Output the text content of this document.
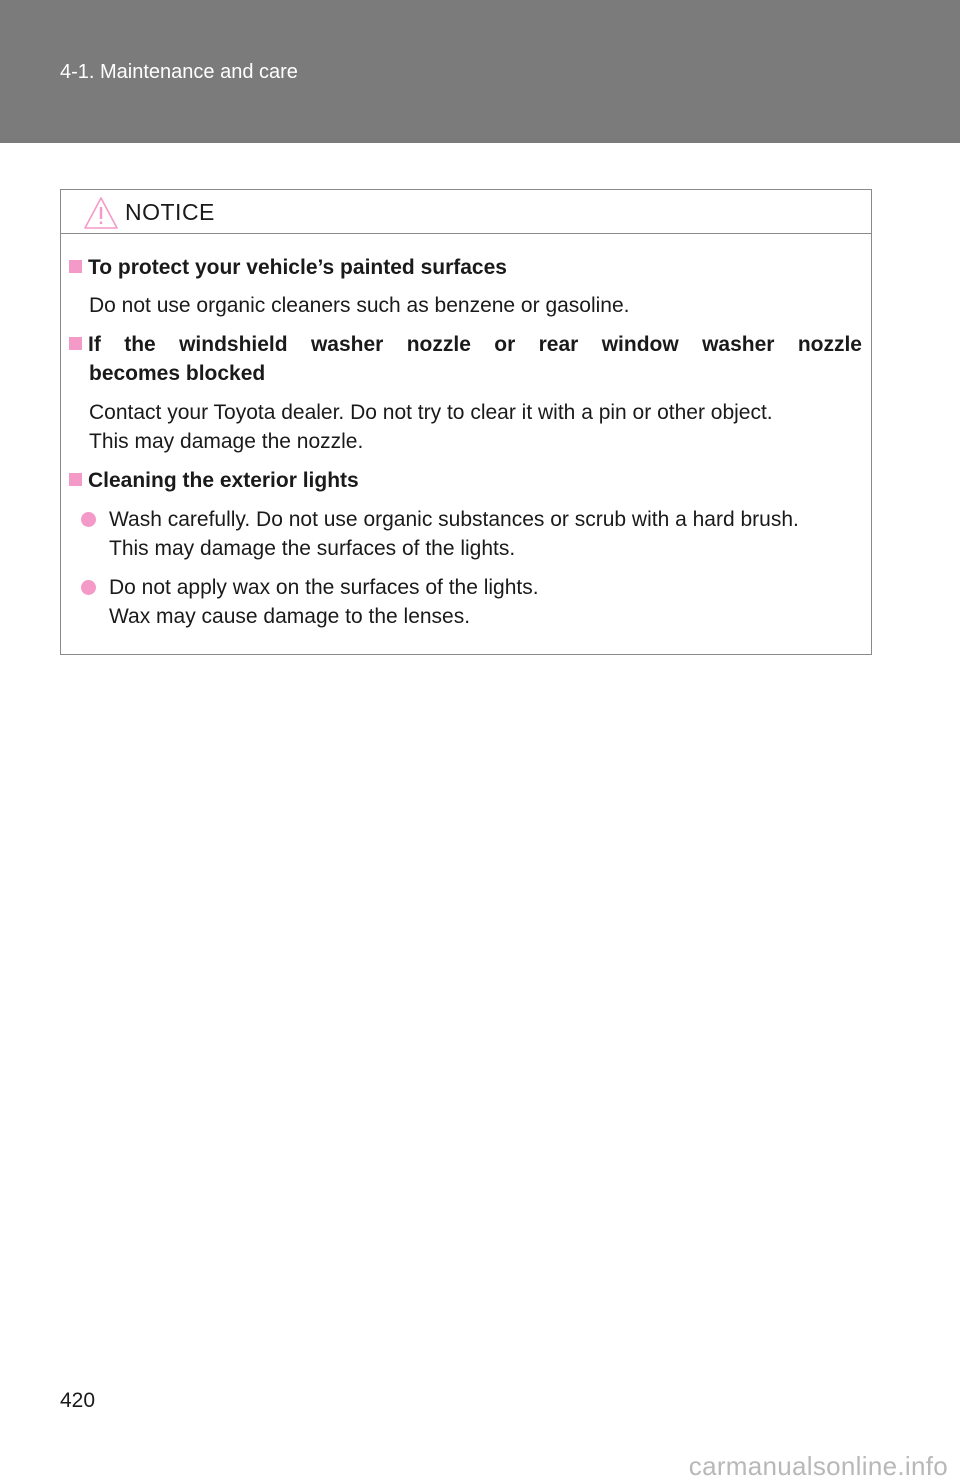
4-1. Maintenance and care
NOTICE
To protect your vehicle’s painted surfaces
Do not use organic cleaners such as benzene or gasoline.
If the windshield washer nozzle or rear window washer nozzle
becomes blocked
Contact your Toyota dealer. Do not try to clear it with a pin or other object.
This may damage the nozzle.
Cleaning the exterior lights
Wash carefully. Do not use organic substances or scrub with a hard brush.
This may damage the surfaces of the lights.
Do not apply wax on the surfaces of the lights.
Wax may cause damage to the lenses.
420
carmanualsonline.info
